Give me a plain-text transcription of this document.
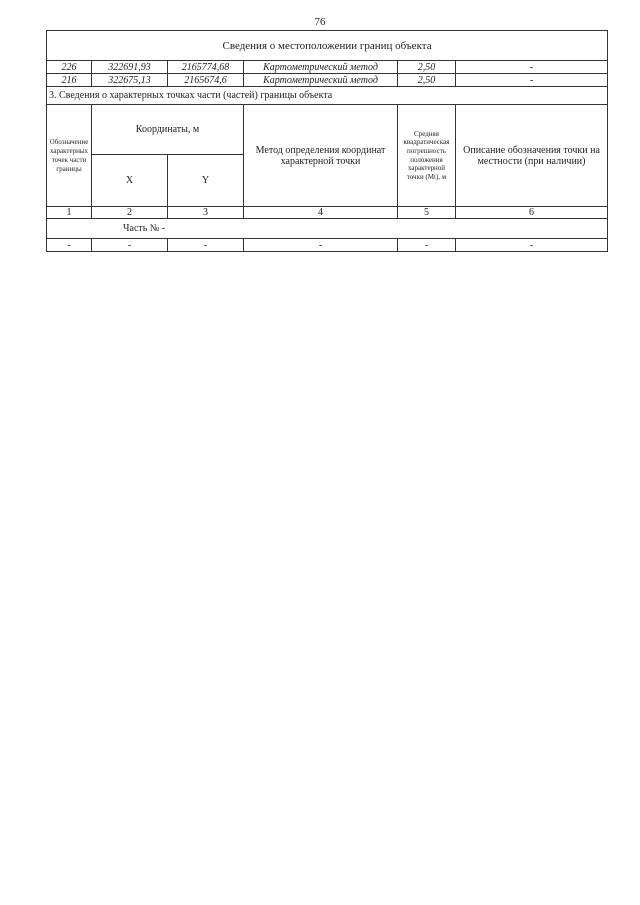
76
Сведения о местоположении границ объекта					
226	322691,93	2165774,68	Картометрический метод	2,50	-
216	322675,13	2165674,6	Картометрический метод	2,50	-
3. Сведения о характерных точках части (частей) границы объекта					
Обозначение характерных точек части границы	Координаты, м		Метод определения координат характерной точки	Средняя квадратическая погрешность положения характерной точки (Mt), м	Описание обозначения точки на местности (при наличии)
	X	Y			
1	2	3	4	5	6
Часть № -					
-	-	-	-	-	-
